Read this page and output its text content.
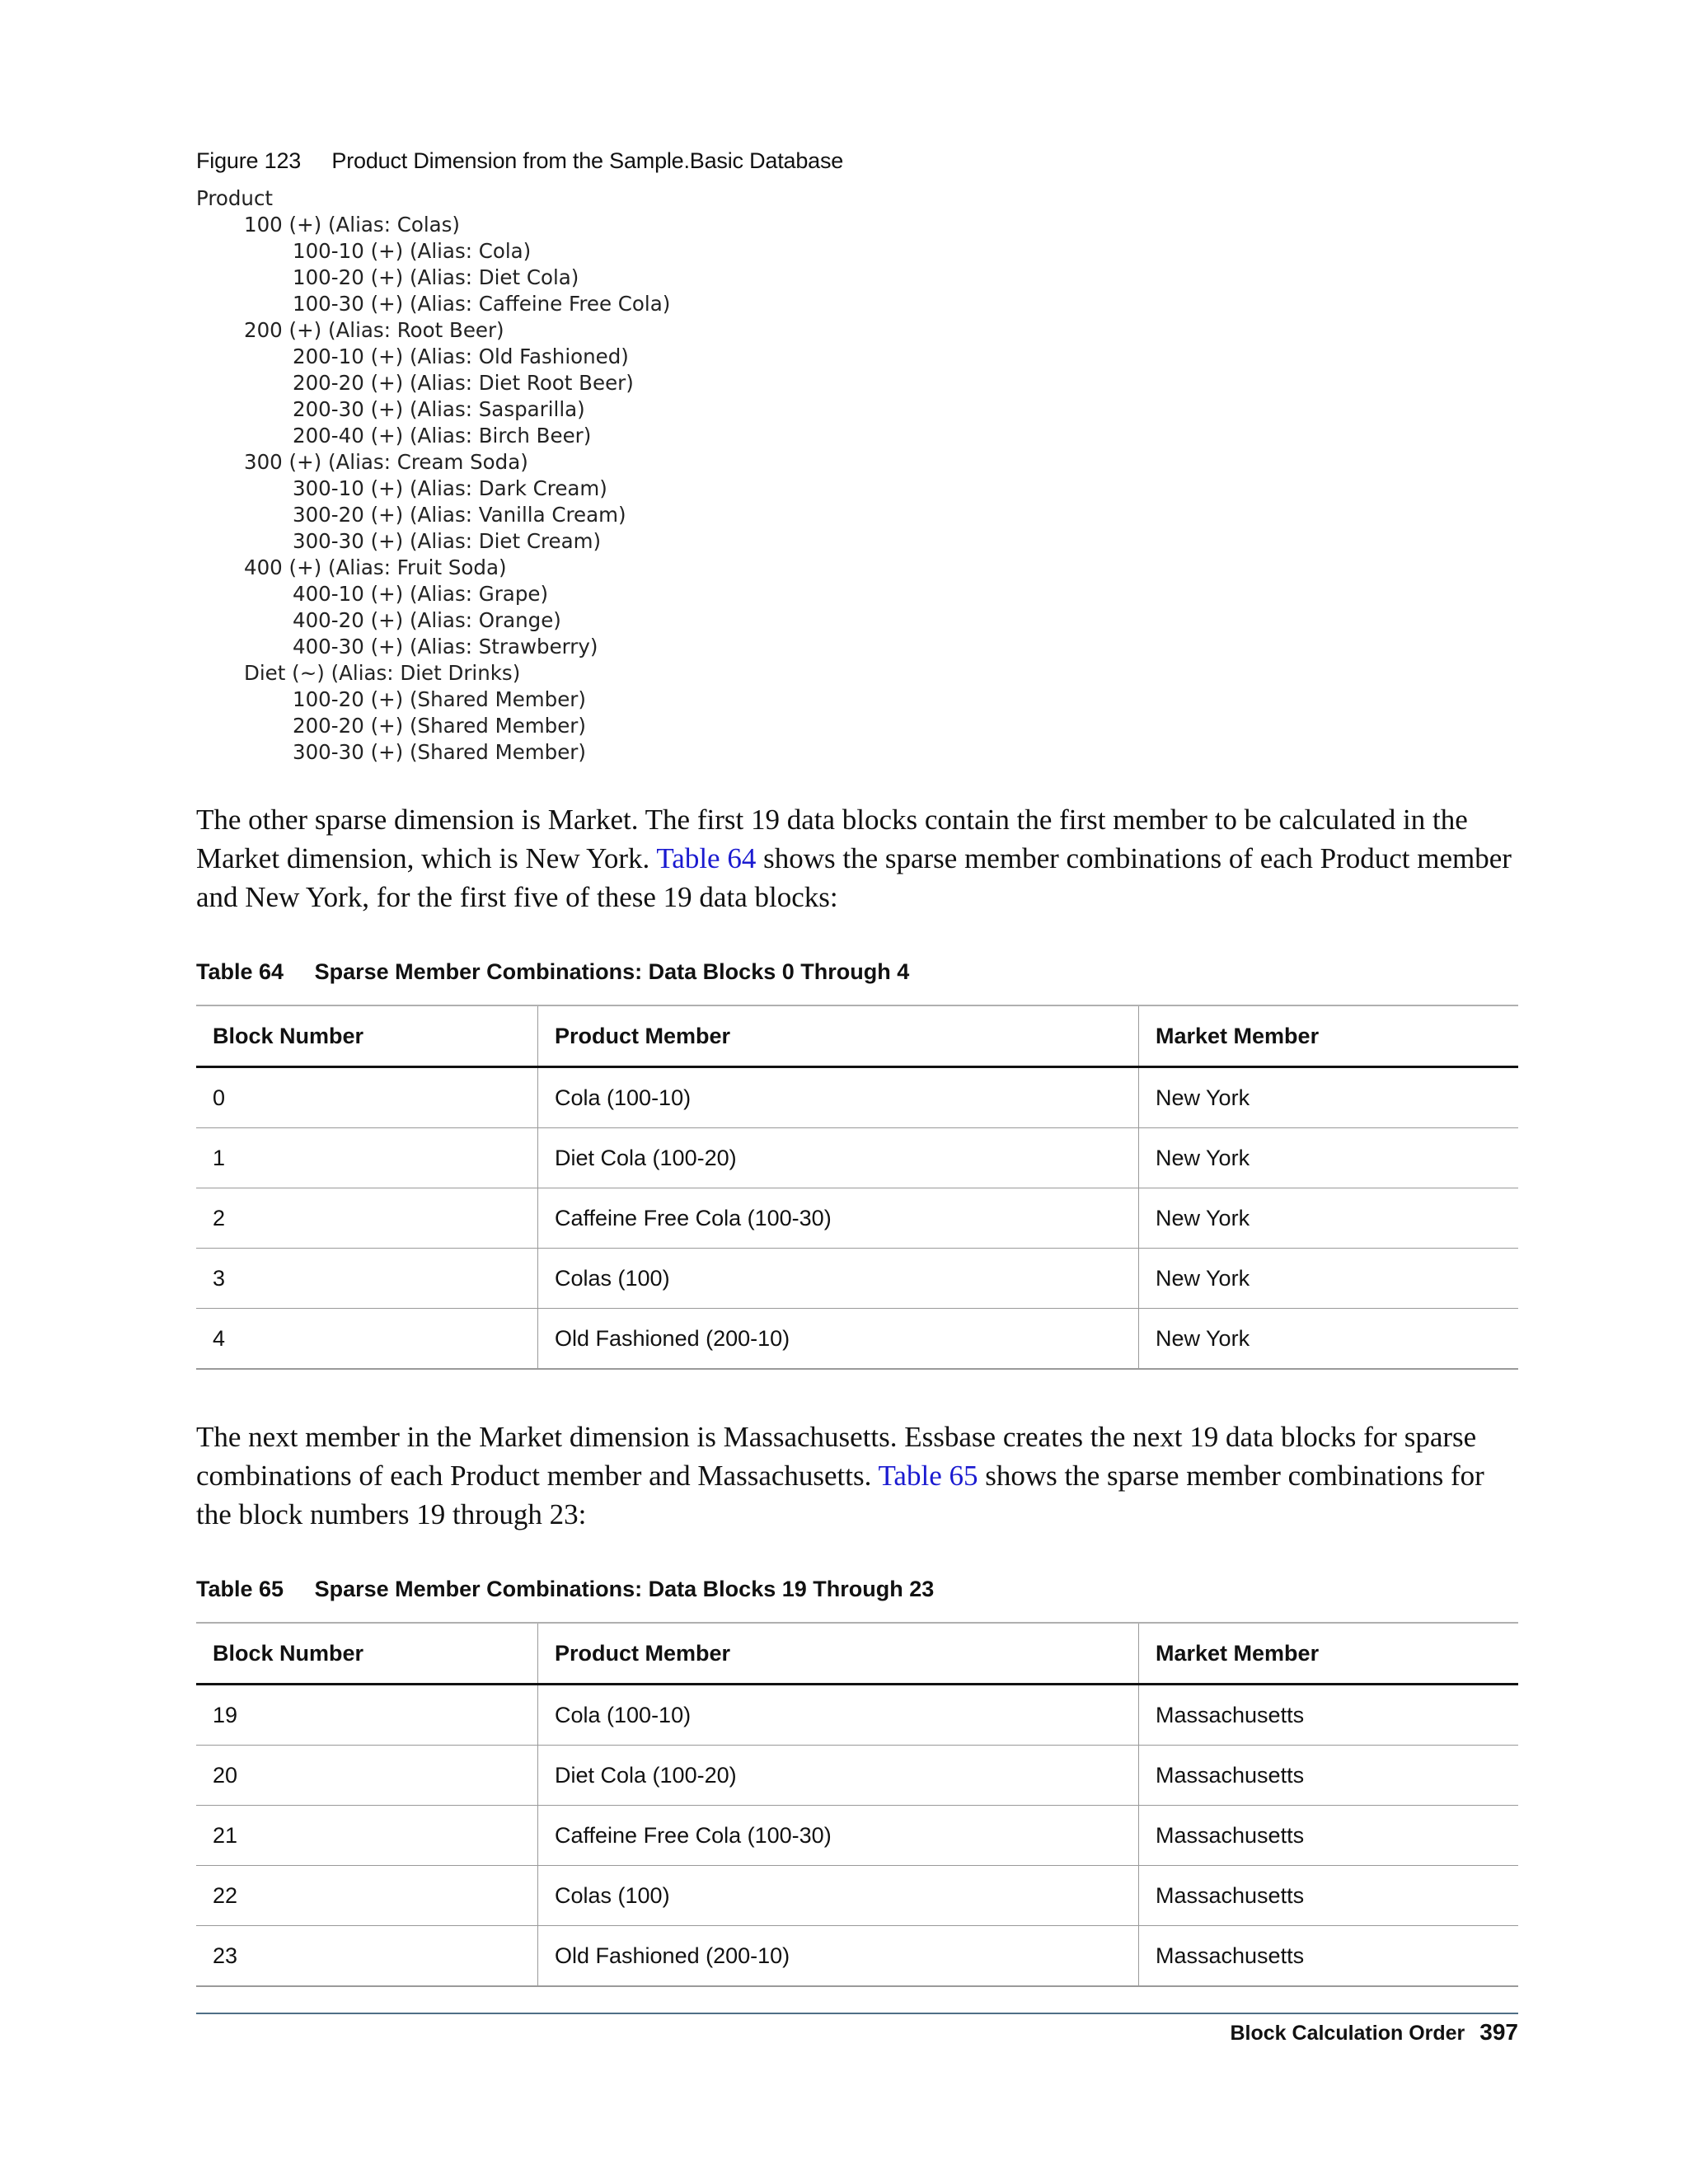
Figure 123 Product Dimension from the Sample.Basic Database
Product
100 (+) (Alias: Colas)
100-10 (+) (Alias: Cola)
100-20 (+) (Alias: Diet Cola)
100-30 (+) (Alias: Caffeine Free Cola)
200 (+) (Alias: Root Beer)
200-10 (+) (Alias: Old Fashioned)
200-20 (+) (Alias: Diet Root Beer)
200-30 (+) (Alias: Sasparilla)
200-40 (+) (Alias: Birch Beer)
300 (+) (Alias: Cream Soda)
300-10 (+) (Alias: Dark Cream)
300-20 (+) (Alias: Vanilla Cream)
300-30 (+) (Alias: Diet Cream)
400 (+) (Alias: Fruit Soda)
400-10 (+) (Alias: Grape)
400-20 (+) (Alias: Orange)
400-30 (+) (Alias: Strawberry)
Diet (~) (Alias: Diet Drinks)
100-20 (+) (Shared Member)
200-20 (+) (Shared Member)
300-30 (+) (Shared Member)

The other sparse dimension is Market. The first 19 data blocks contain the first member to be calculated in the Market dimension, which is New York. Table 64 shows the sparse member combinations of each Product member and New York, for the first five of these 19 data blocks:

Table 64 Sparse Member Combinations: Data Blocks 0 Through 4
Block Number	Product Member	Market Member
0	Cola (100-10)	New York
1	Diet Cola (100-20)	New York
2	Caffeine Free Cola (100-30)	New York
3	Colas (100)	New York
4	Old Fashioned (200-10)	New York

The next member in the Market dimension is Massachusetts. Essbase creates the next 19 data blocks for sparse combinations of each Product member and Massachusetts. Table 65 shows the sparse member combinations for the block numbers 19 through 23:

Table 65 Sparse Member Combinations: Data Blocks 19 Through 23
Block Number	Product Member	Market Member
19	Cola (100-10)	Massachusetts
20	Diet Cola (100-20)	Massachusetts
21	Caffeine Free Cola (100-30)	Massachusetts
22	Colas (100)	Massachusetts
23	Old Fashioned (200-10)	Massachusetts
Block Calculation Order 397
